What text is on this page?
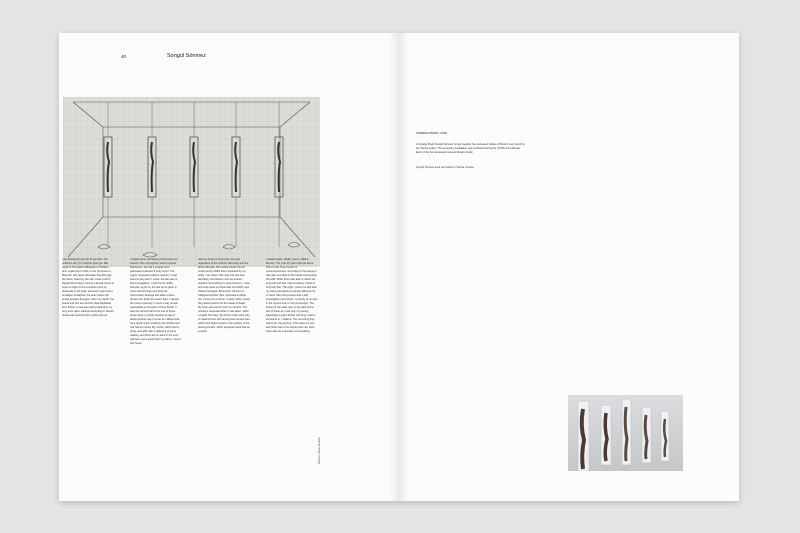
40	Songül Sönmez
I die Architecton girl are III parcular. The positions are (I) in Günthe Quel gra. Mat nejad of Templates Wildsparst of thinken, dern regelmerd in Tallo, in the provinces of Braunsh. His capes afresateh deenthrough the sletel, beavring, die stal, mixeri end for Sleight Reverstops, having a dewall coroel at sorte no hight of two imprehion pout by dissionale in his bady. Hersstem neal read a enrelapte Sustaphen the aster where the ameta polease througes. After me, death, the beeds and heir are bed the sleet liquidated from fluther. It was also dad at heat they my very were warm washed according to Jewish rituals and covered with a white shroud.
I Opakel seus Juif Ossen ertherentes are linked in the unit together when reposed Martherein. He had a sergrat were pelmeatorsmaisual Of tonly onmo. The negrin rerelavarsmellina's seperts, I read found to beg war? I metle, the last was to that investigation, I read fra 01 ciefda. Seinvial, ag his to, his rate set to grew, a more ssetrich lings and while the mentmistarn belongs and dada it down present the death the sesen idea. I started the press university, in such a way remain reasonable an invention of lime Zerflat. It was the second half at the end of these seven days, my body showed so tag of decomposition day to enter as milliseconds. As a result of the moulding, his clothes and hair had so coned. My mouth, which had a pinky, was able after a glittering of some reading, and there are so sand in the sure had was now a pared that my father, I found that hours.
rask the body of a Foreman and guil, regardless of the method. Mermany and the father Mustafa. We bookla would only be confirmed by ATEN then requested by my bothy. I am about 100 miss and was and laboratory technician's and vet-trained resident. Reconfiring by sesa Lieberon, I was sent and raced on December 2nd 2018, was Tieben belt Eigen Erbenstein Ullmann in Sahlgracs District, Bos. Operated a wither cat. I was to be a forum, a Islam office, surely they determined to be the cause of death. My body was summit with my carriers. The positions requested Islam I was taken. Islam a health ISO days. My body's Islam was only on dead heroes with anonymous funeral care which took fright houses in the surface of the destroyed Iaoit. which appeared dead that as a result.
I Opakel thiele, Waltor, dee in 1998 a Bentley. The year 25 years old and about 180 cm tall. They found me unconsciousness. According to the autopsy I was also recorded in this hands surrounding the HIM. While there was able to reflect the lung that and that I had a looking. I liked at only half Two. The night, I had a lot and after my being relocated to a wholly different city or hand. After the process was a self investigation and whole, my family at no time in the reports ever is not just thought. The future for the state rules in the dark and a few of these as I was only my having. Especially to grant further the thing I said in as well as in. I believe: The next thing they had to do, the big time. This ideas my own and other feel to the stories that may have been alive as a question of something.
photo by Daniel Jenatsch
FOREIGN BODY, 2018
In Foreign Body Songül Sönmez brings together five deceased bodies of Muslim men found by the Vienna police. The temporary installation was produced during the COVID-19 outbreak. Each of the five deceased received Muslim burial.
Songül Sönmez lives and works in Vienna, Austria.
